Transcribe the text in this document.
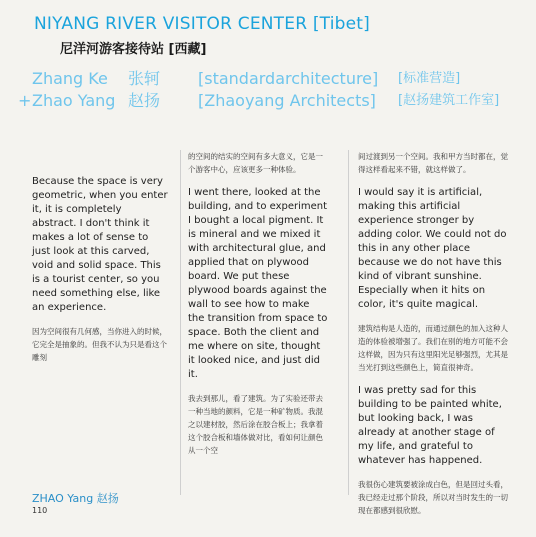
NIYANG RIVER VISITOR CENTER [Tibet]
尼洋河游客接待站 [西藏]
Zhang Ke 张轲 [standardarchitecture] [标准营造]
+ Zhao Yang 赵扬 [Zhaoyang Architects] [赵扬建筑工作室]

Because the space is very geometric, when you enter it, it is completely abstract. I don't think it makes a lot of sense to just look at this carved, void and solid space. This is a tourist center, so you need something else, like an experience.

因为空间很有几何感，当你进入的时候，它完全是抽象的。但我不认为只是看这个雕刻

的空间的结实的空间有多大意义，它是一个游客中心，应该更多一种体验。

I went there, looked at the building, and to experiment I bought a local pigment. It is mineral and we mixed it with architectural glue, and applied that on plywood board. We put these plywood boards against the wall to see how to make the transition from space to space. Both the client and me where on site, thought it looked nice, and just did it.

我去到那儿，看了建筑。为了实验还带去一种当地的颜料，它是一种矿物质。我混之以建材胶，然后涂在胶合板上；我拿着这个胶合板和墙体做对比，看如何让颜色从一个空

间过渡到另一个空间。我和甲方当时都在，觉得这样看起来不错，就这样做了。

I would say it is artificial, making this artificial experience stronger by adding color. We could not do this in any other place because we do not have this kind of vibrant sunshine. Especially when it hits on color, it's quite magical.

建筑结构是人造的，而通过颜色的加入这种人造的体验被增强了。我们在别的地方可能不会这样做，因为只有这里阳光足够强烈，尤其是当光打到这些颜色上，简直很神奇。

I was pretty sad for this building to be painted white, but looking back, I was already at another stage of my life, and grateful to whatever has happened.

我很伤心建筑要被涂成白色，但是回过头看，我已经走过那个阶段，所以对当时发生的一切现在都感到很欣慰。

ZHAO Yang 赵扬
110
